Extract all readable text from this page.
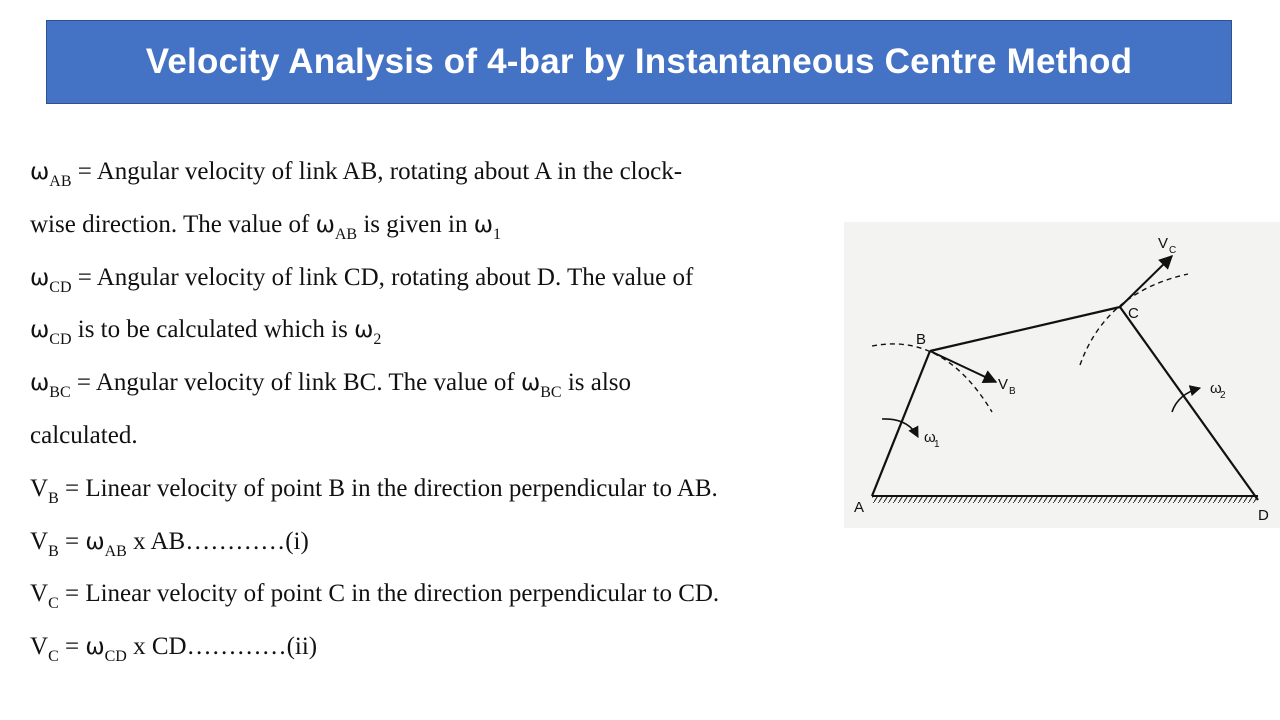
Velocity Analysis of 4-bar by Instantaneous Centre Method
$\omega_{AB}$ = Angular velocity of link AB, rotating about A in the clock-
wise direction. The value of $\omega_{AB}$ is given in $\omega_1$
$\omega_{CD}$ = Angular velocity of link CD, rotating about D. The value of
$\omega_{CD}$ is to be calculated which is $\omega_2$
$\omega_{BC}$ = Angular velocity of link BC. The value of $\omega_{BC}$ is also
calculated.
$V_B$ = Linear velocity of point B in the direction perpendicular to AB.
$V_B = \omega_{AB}$ x AB…………(i)
$V_C$ = Linear velocity of point C in the direction perpendicular to CD.
$V_C = \omega_{CD}$ x CD…………(ii)
A
B
C
D
V B
V C
ω
1
ω
2
